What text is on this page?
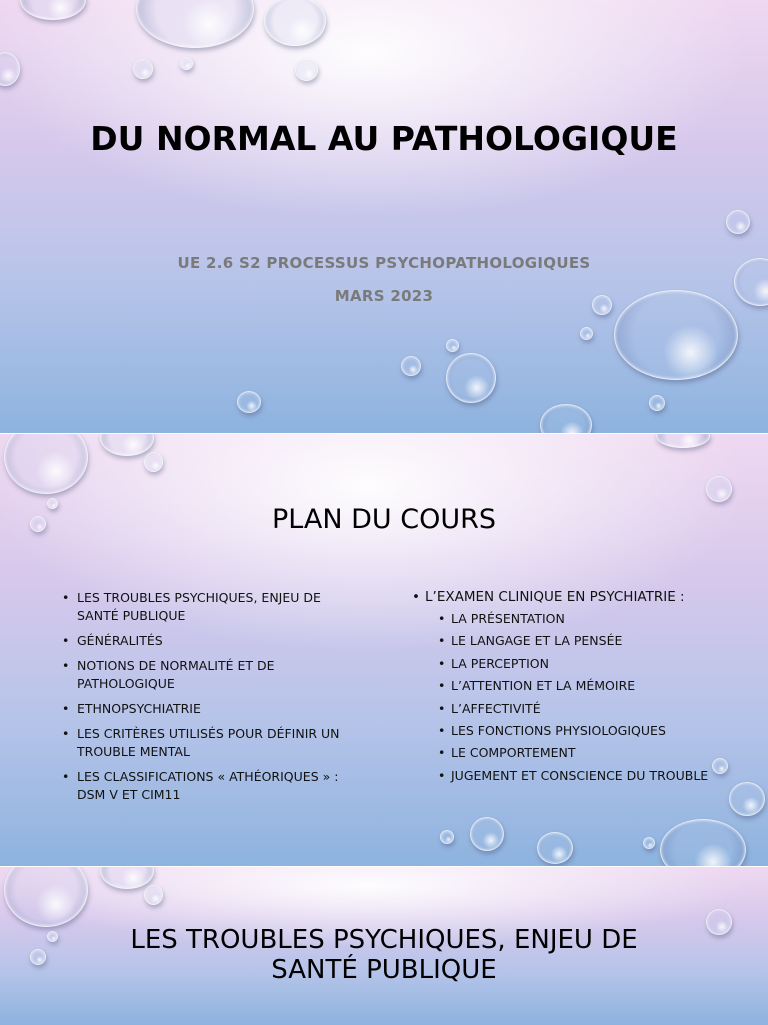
DU NORMAL AU PATHOLOGIQUE

UE 2.6 S2 PROCESSUS PSYCHOPATHOLOGIQUES

MARS 2023

PLAN DU COURS
• LES TROUBLES PSYCHIQUES, ENJEU DE SANTÉ PUBLIQUE
• GÉNÉRALITÉS
• NOTIONS DE NORMALITÉ ET DE PATHOLOGIQUE
• ETHNOPSYCHIATRIE
• LES CRITÈRES UTILISÉS POUR DÉFINIR UN TROUBLE MENTAL
• LES CLASSIFICATIONS « ATHÉORIQUES » : DSM V ET CIM11
• L’EXAMEN CLINIQUE EN PSYCHIATRIE :
• LA PRÉSENTATION
• LE LANGAGE ET LA PENSÉE
• LA PERCEPTION
• L’ATTENTION ET LA MÉMOIRE
• L’AFFECTIVITÉ
• LES FONCTIONS PHYSIOLOGIQUES
• LE COMPORTEMENT
• JUGEMENT ET CONSCIENCE DU TROUBLE
LES TROUBLES PSYCHIQUES, ENJEU DE SANTÉ PUBLIQUE
